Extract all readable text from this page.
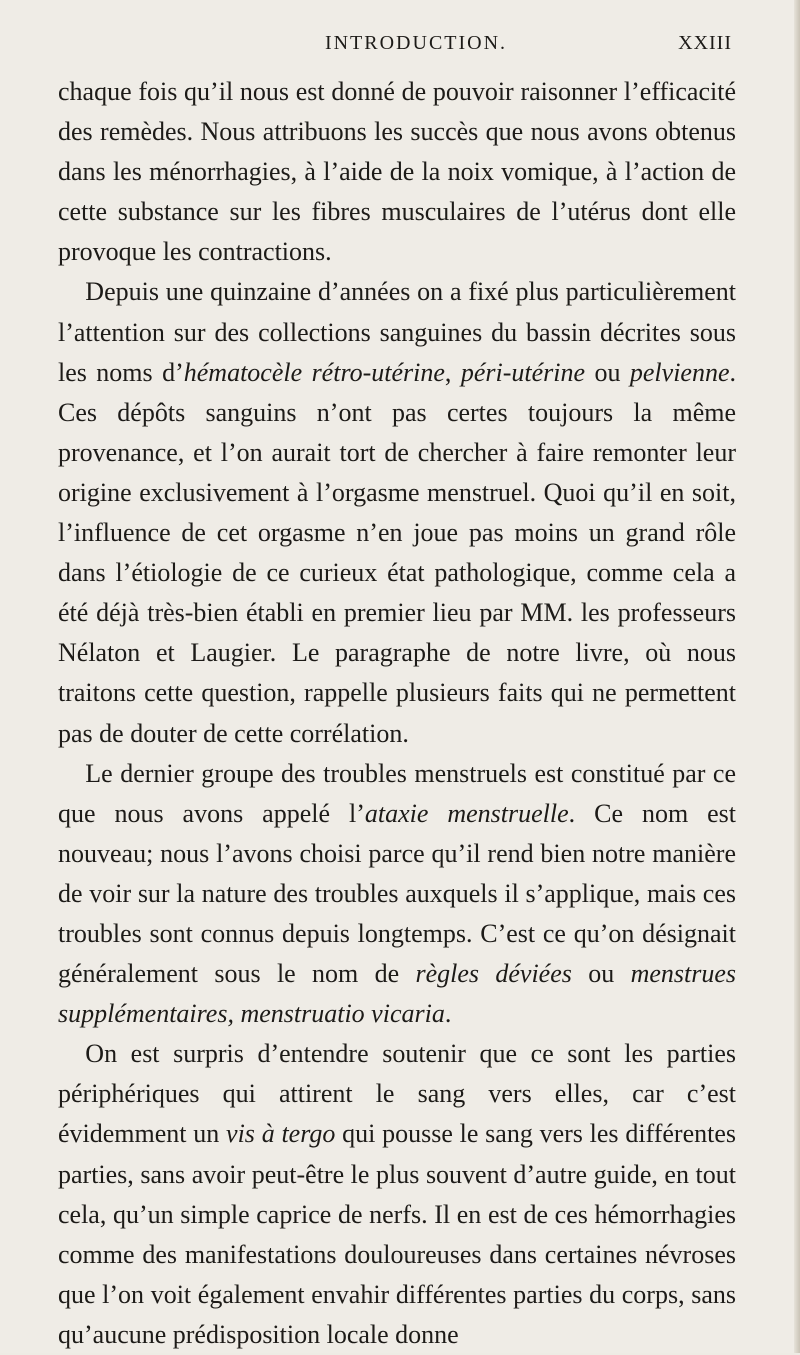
INTRODUCTION.	XXIII

chaque fois qu’il nous est donné de pouvoir raisonner l’efficacité des remèdes. Nous attribuons les succès que nous avons obtenus dans les ménorrhagies, à l’aide de la noix vomique, à l’action de cette substance sur les fibres musculaires de l’utérus dont elle provoque les contractions.

Depuis une quinzaine d’années on a fixé plus particulièrement l’attention sur des collections sanguines du bassin décrites sous les noms d’hématocèle rétro-utérine, péri-utérine ou pelvienne. Ces dépôts sanguins n’ont pas certes toujours la même provenance, et l’on aurait tort de chercher à faire remonter leur origine exclusivement à l’orgasme menstruel. Quoi qu’il en soit, l’influence de cet orgasme n’en joue pas moins un grand rôle dans l’étiologie de ce curieux état pathologique, comme cela a été déjà très-bien établi en premier lieu par MM. les professeurs Nélaton et Laugier. Le paragraphe de notre livre, où nous traitons cette question, rappelle plusieurs faits qui ne permettent pas de douter de cette corrélation.

Le dernier groupe des troubles menstruels est constitué par ce que nous avons appelé l’ataxie menstruelle. Ce nom est nouveau; nous l’avons choisi parce qu’il rend bien notre manière de voir sur la nature des troubles auxquels il s’applique, mais ces troubles sont connus depuis longtemps. C’est ce qu’on désignait généralement sous le nom de règles déviées ou menstrues supplémentaires, menstruatio vicaria.

On est surpris d’entendre soutenir que ce sont les parties périphériques qui attirent le sang vers elles, car c’est évidemment un vis à tergo qui pousse le sang vers les différentes parties, sans avoir peut-être le plus souvent d’autre guide, en tout cela, qu’un simple caprice de nerfs. Il en est de ces hémorrhagies comme des manifestations douloureuses dans certaines névroses que l’on voit également envahir différentes parties du corps, sans qu’aucune prédisposition locale donne
